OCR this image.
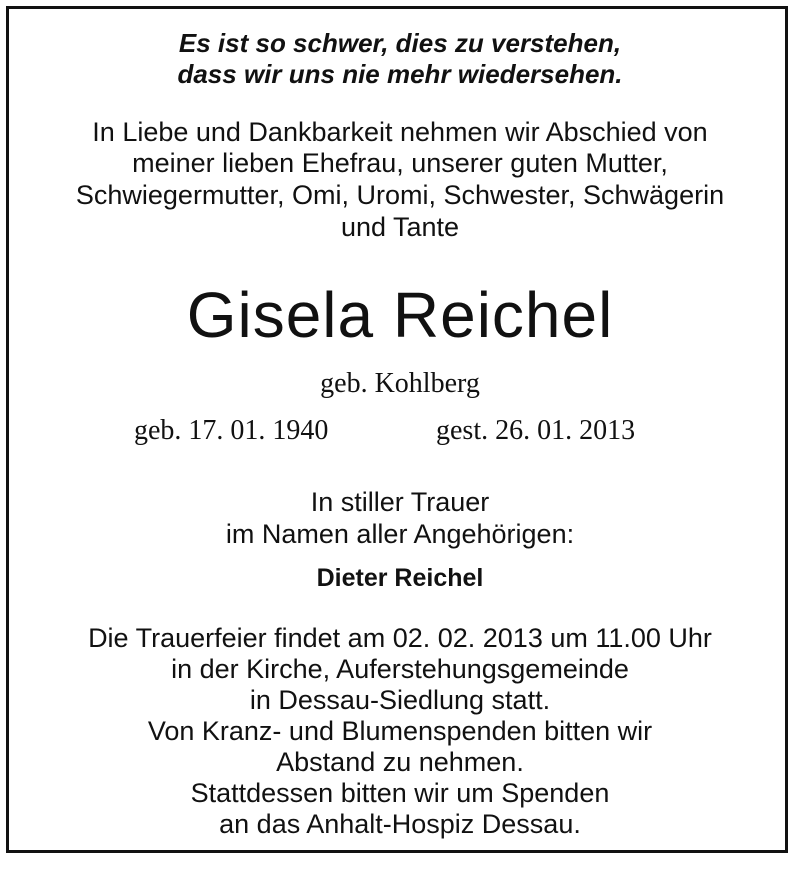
Es ist so schwer, dies zu verstehen,
dass wir uns nie mehr wiedersehen.
In Liebe und Dankbarkeit nehmen wir Abschied von
meiner lieben Ehefrau, unserer guten Mutter,
Schwiegermutter, Omi, Uromi, Schwester, Schwägerin
und Tante
Gisela Reichel
geb. Kohlberg
geb. 17. 01. 1940	gest. 26. 01. 2013
In stiller Trauer
im Namen aller Angehörigen:
Dieter Reichel
Die Trauerfeier findet am 02. 02. 2013 um 11.00 Uhr
in der Kirche, Auferstehungsgemeinde
in Dessau-Siedlung statt.
Von Kranz- und Blumenspenden bitten wir
Abstand zu nehmen.
Stattdessen bitten wir um Spenden
an das Anhalt-Hospiz Dessau.
